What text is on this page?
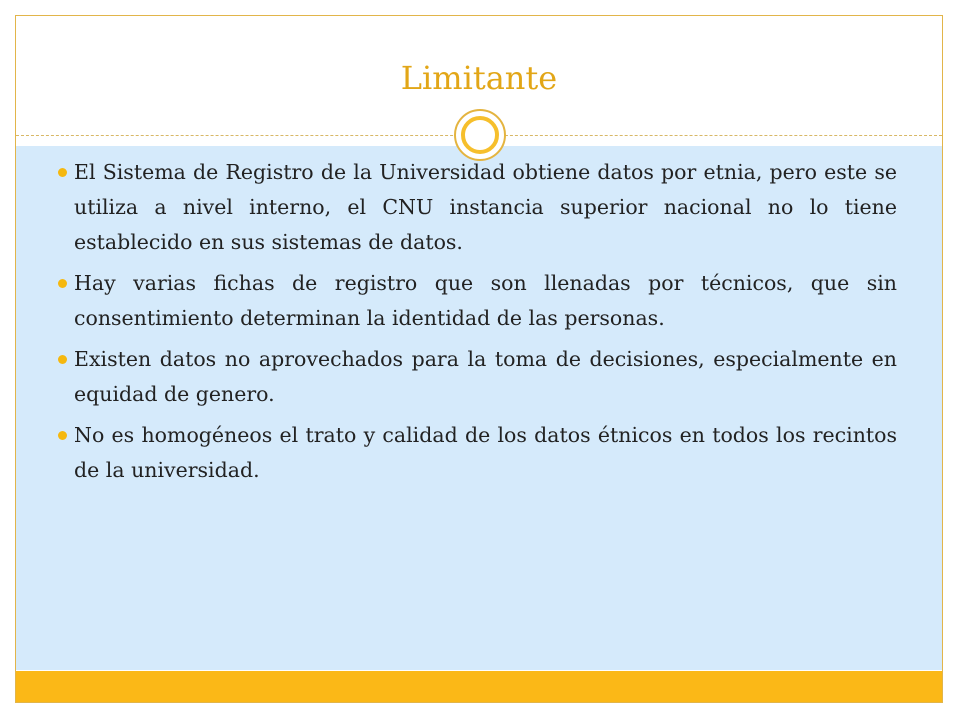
Limitante
El Sistema de Registro de la Universidad obtiene datos por etnia, pero este se utiliza a nivel interno, el CNU instancia superior nacional no lo tiene establecido en sus sistemas de datos.
Hay varias fichas de registro que son llenadas por técnicos, que sin consentimiento determinan la identidad de las personas.
Existen datos no aprovechados para la toma de decisiones, especialmente en equidad de genero.
No es homogéneos el trato y calidad de los datos étnicos en todos los recintos de la universidad.
